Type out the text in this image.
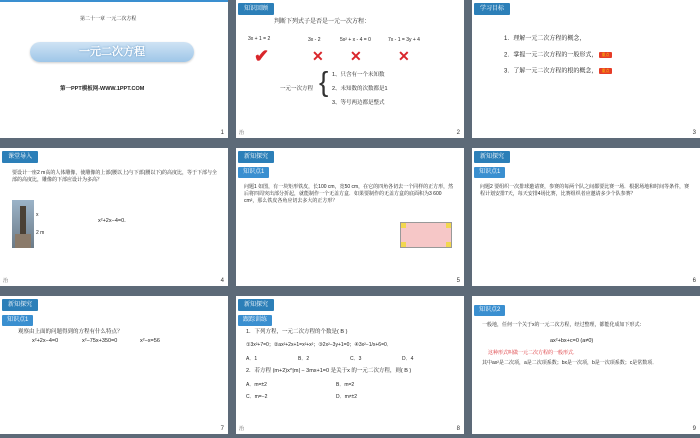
第二十一章 一元二次方程
一元二次方程
第一PPT模板网-WWW.1PPT.COM
1
知识回顾
判断下列式子是否是一元一次方程：
3x + 1 = 2	3x - 2	5x² + x - 4 = 0	7x - 1 = 3y + 4
✔	✕ ✕	✕
一元一次方程 { 1、只含有一个未知数
2、未知数的次数都是1
3、等号两边都是整式
治	2
学习目标
1．理解一元二次方程的概念，
2．掌握一元二次方程的一般形式， 重点
3．了解一元二次方程的根的概念， 重点
3
课堂导入
要设计一座2 m高的人体雕像，使雕像的上部(腰以上)与下部(腰以下)的高度比，等于下部与全部的高度比，雕像的下部应设计为多高？
x
2 m
x²+2x−4=0．
治	4
新知探究
知识点1
问题1 如图，有一块矩形铁皮，长100 cm，宽50 cm，在它的四角各切去一个同样的正方形，然后将四周突出部分折起，就能制作一个无盖方盒．如果要制作的无盖方盒的底面积为3 600 cm²，那么铁皮各角应切去多大的正方形？
5
新知探究
知识点1
问题2 要组织一次排球邀请赛，参赛的每两个队之间都要比赛一场．根据场地和时间等条件，赛程计划安排7天，每天安排4场比赛，比赛组织者应邀请多少个队参赛？
6
新知探究
知识点1
观察由上面的问题得到的方程有什么特点？
x²+2x−4=0	x²−75x+350=0	x²−x=56
7
新知探究
跟踪训练
1．下列方程，一元二次方程的个数是( B )
①3x²+7=0；②ax²+2x+1=x²+x²；③2x²−3y+1=0；④3x²−1/x+6=0．
A．1	B．2	C．3	D．4
2．若方程 (m+2)x^|m| − 3mx+1=0 是关于x 的一元二次方程，则( B )
A．m=±2	B．m=2
C．m=−2	D．m≠±2
治	8
知识点2
一般地，任何一个关于x的一元二次方程，经过整理，都能化成如下形式：
ax²+bx+c=0 (a≠0)
这种形式叫做一元二次方程的一般形式．
其中ax²是二次项，a是二次项系数；bx是一次项，b是一次项系数；c是常数项．
9
